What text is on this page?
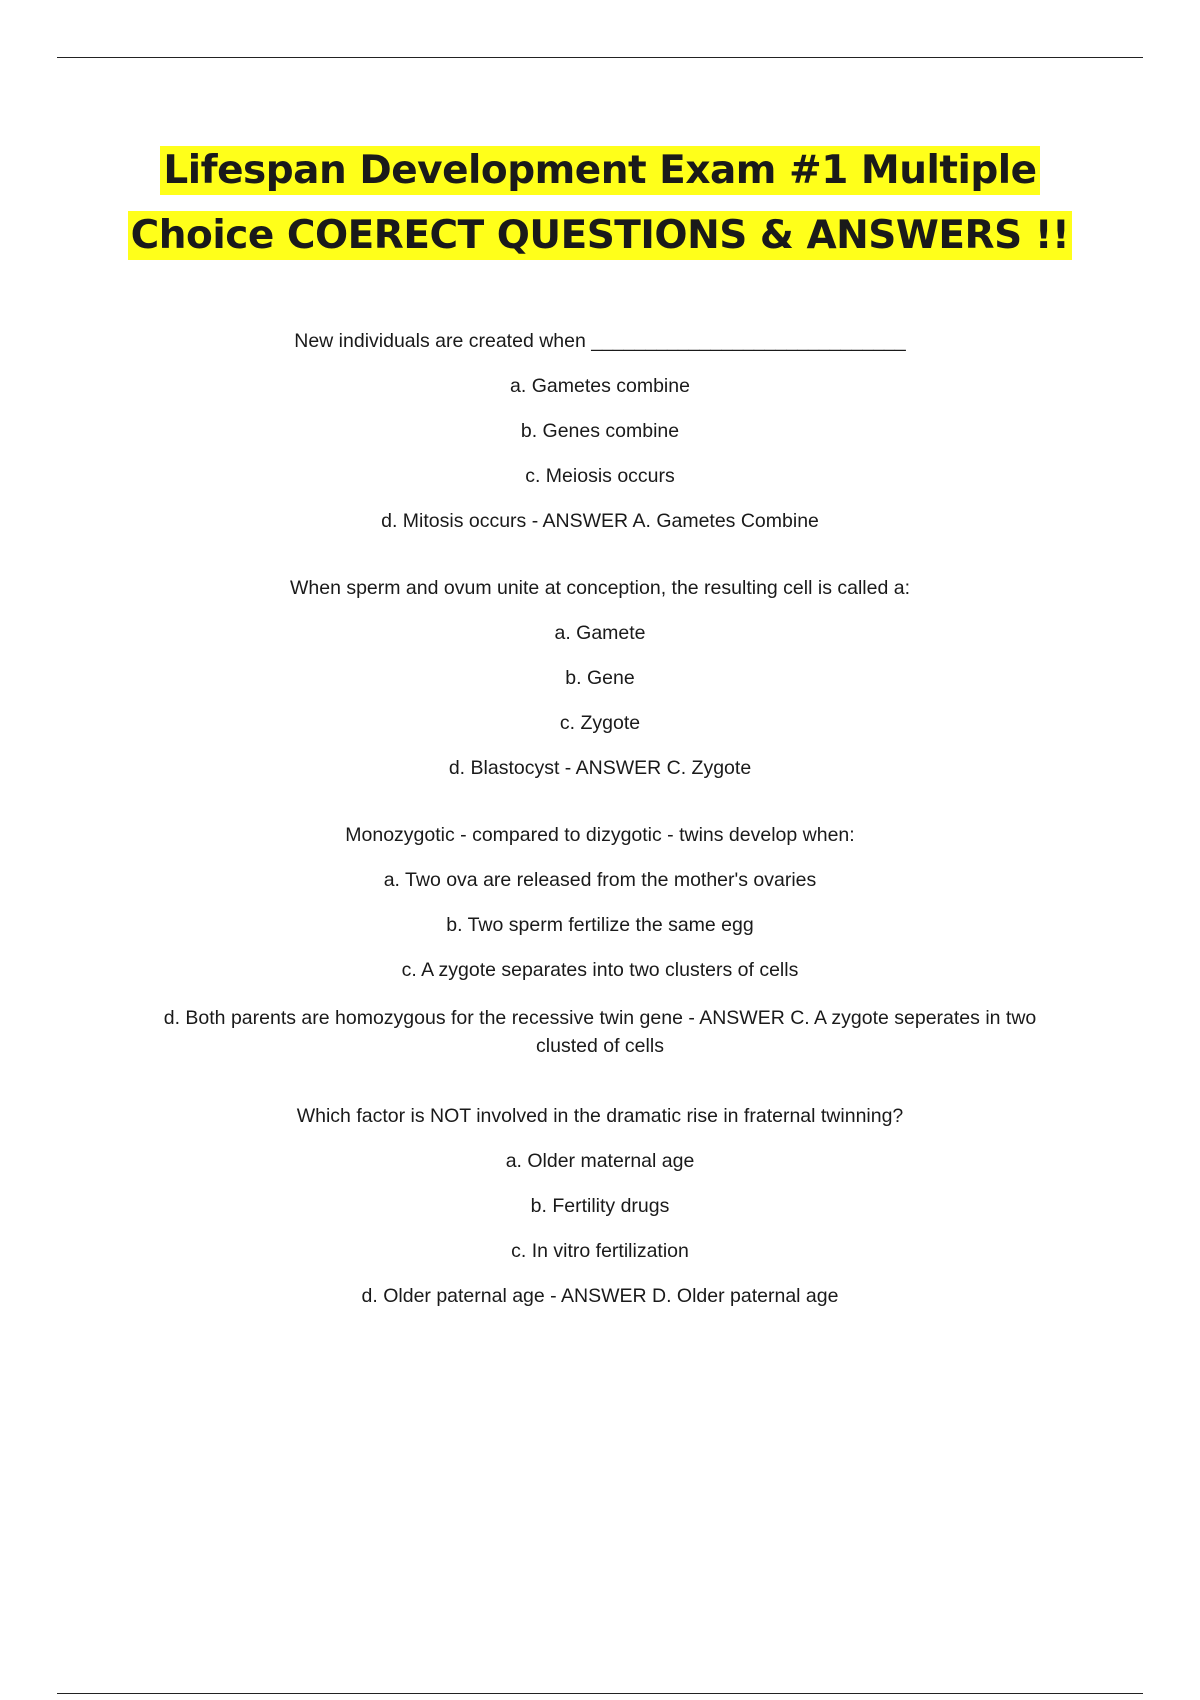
Lifespan Development Exam #1 Multiple
Choice COERECT QUESTIONS & ANSWERS !!

New individuals are created when _____________________________

a. Gametes combine

b. Genes combine

c. Meiosis occurs

d. Mitosis occurs - ANSWER A. Gametes Combine

When sperm and ovum unite at conception, the resulting cell is called a:

a. Gamete

b. Gene

c. Zygote

d. Blastocyst - ANSWER C. Zygote

Monozygotic - compared to dizygotic - twins develop when:

a. Two ova are released from the mother's ovaries

b. Two sperm fertilize the same egg

c. A zygote separates into two clusters of cells

d. Both parents are homozygous for the recessive twin gene - ANSWER C. A zygote seperates in two clusted of cells

Which factor is NOT involved in the dramatic rise in fraternal twinning?

a. Older maternal age

b. Fertility drugs

c. In vitro fertilization

d. Older paternal age - ANSWER D. Older paternal age
